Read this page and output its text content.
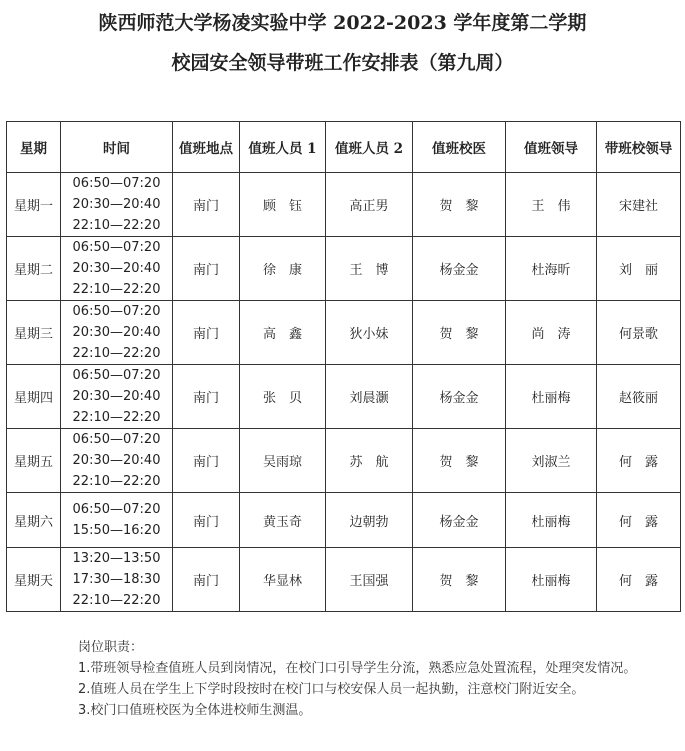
陕西师范大学杨凌实验中学 2022-2023 学年度第二学期
校园安全领导带班工作安排表（第九周）
星期	时间	值班地点	值班人员 1	值班人员 2	值班校医	值班领导	带班校领导
星期一	06:50—07:20
20:30—20:40
22:10—22:20	南门	顾　钰	高正男	贺　黎	王　伟	宋建社
星期二	06:50—07:20
20:30—20:40
22:10—22:20	南门	徐　康	王　博	杨金金	杜海昕	刘　丽
星期三	06:50—07:20
20:30—20:40
22:10—22:20	南门	高　鑫	狄小妹	贺　黎	尚　涛	何景歌
星期四	06:50—07:20
20:30—20:40
22:10—22:20	南门	张　贝	刘晨灏	杨金金	杜丽梅	赵筱丽
星期五	06:50—07:20
20:30—20:40
22:10—22:20	南门	吴雨琼	苏　航	贺　黎	刘淑兰	何　露
星期六	06:50—07:20
15:50—16:20	南门	黄玉奇	边朝勃	杨金金	杜丽梅	何　露
星期天	13:20—13:50
17:30—18:30
22:10—22:20	南门	华显林	王国强	贺　黎	杜丽梅	何　露
岗位职责：
1.带班领导检查值班人员到岗情况，在校门口引导学生分流，熟悉应急处置流程，处理突发情况。
2.值班人员在学生上下学时段按时在校门口与校安保人员一起执勤，注意校门附近安全。
3.校门口值班校医为全体进校师生测温。
